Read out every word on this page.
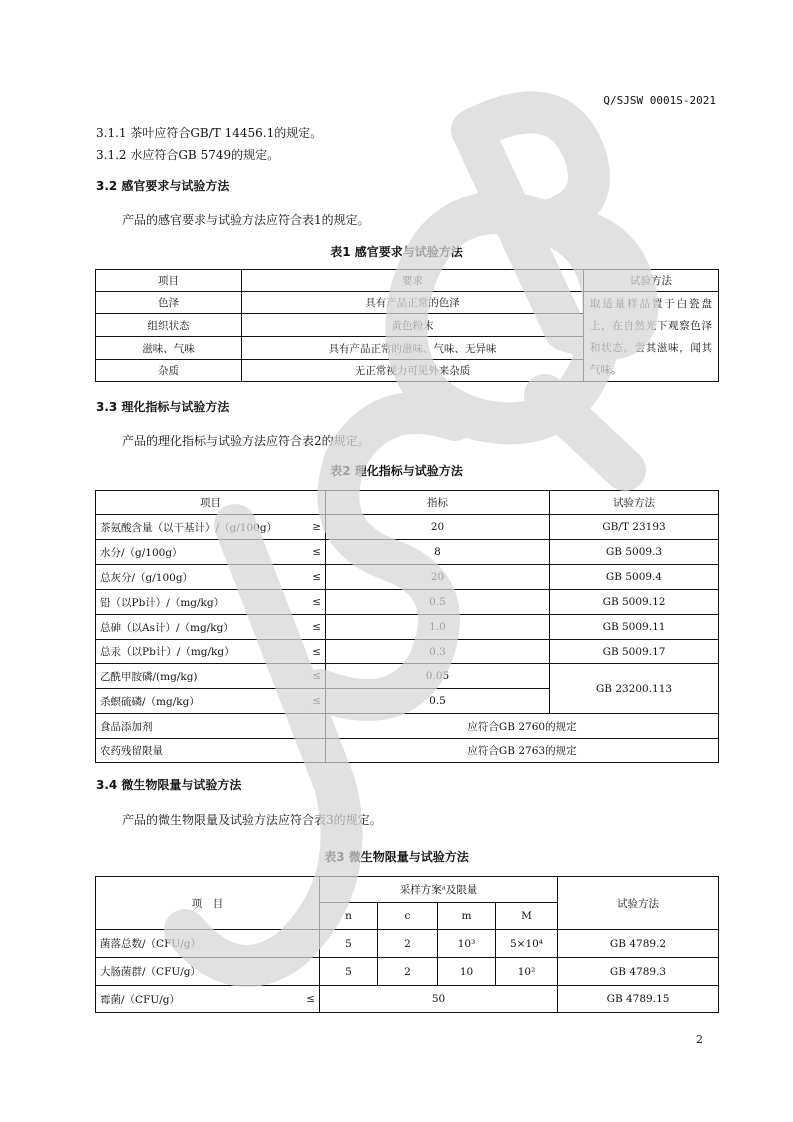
Q/SJSW 0001S-2021
3.1.1 茶叶应符合GB/T 14456.1的规定。
3.1.2 水应符合GB 5749的规定。
3.2 感官要求与试验方法
产品的感官要求与试验方法应符合表1的规定。
表1 感官要求与试验方法
项目	要求	试验方法
色泽	具有产品正常的色泽	取适量样品置于白瓷盘上，在自然光下观察色泽和状态。尝其滋味，闻其气味。
组织状态	黄色粉末	
滋味、气味	具有产品正常的滋味、气味、无异味	
杂质	无正常视力可见外来杂质	
3.3 理化指标与试验方法
产品的理化指标与试验方法应符合表2的规定。
表2 理化指标与试验方法
项目	指标	试验方法

茶氨酸含量（以干基计）/（g/100g） ≥	20	GB/T 23193

水分/（g/100g） ≤	8	GB 5009.3

总灰分/（g/100g） ≤	20	GB 5009.4

铅（以Pb计）/（mg/kg） ≤	0.5	GB 5009.12

总砷（以As计）/（mg/kg） ≤	1.0	GB 5009.11

总汞（以Pb计）/（mg/kg） ≤	0.3	GB 5009.17

乙酰甲胺磷/(mg/kg) ≤	0.05	GB 23200.113

杀螟硫磷/（mg/kg） ≤	0.5	
食品添加剂	应符合GB 2760的规定	
农药残留限量	应符合GB 2763的规定	
3.4 微生物限量与试验方法
产品的微生物限量及试验方法应符合表3的规定。
表3 微生物限量与试验方法
项　目	采样方案ᵃ及限量				试验方法
	n	c	m	M	
菌落总数/（CFU/g）	5	2	10³	5×10⁴	GB 4789.2
大肠菌群/（CFU/g）	5	2	10	10²	GB 4789.3

霉菌/（CFU/g） ≤	50				GB 4789.15
2
